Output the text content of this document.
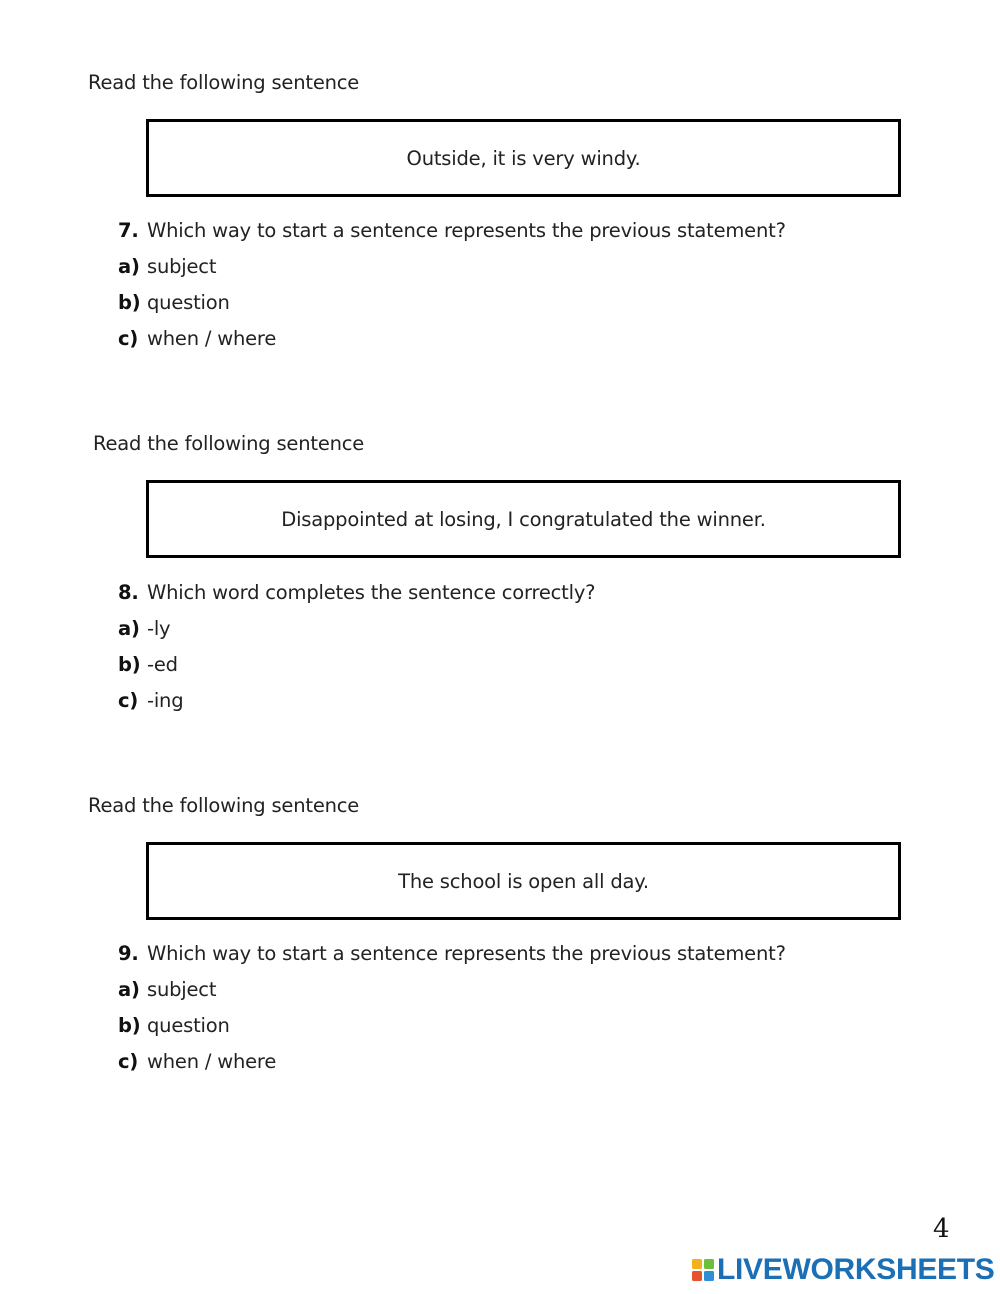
Read the following sentence
Outside, it is very windy.
7. Which way to start a sentence represents the previous statement?
a) subject
b) question
c) when / where
Read the following sentence
Disappointed at losing, I congratulated the winner.
8. Which word completes the sentence correctly?
a) -ly
b) -ed
c) -ing
Read the following sentence
The school is open all day.
9. Which way to start a sentence represents the previous statement?
a) subject
b) question
c) when / where
4
LIVEWORKSHEETS
